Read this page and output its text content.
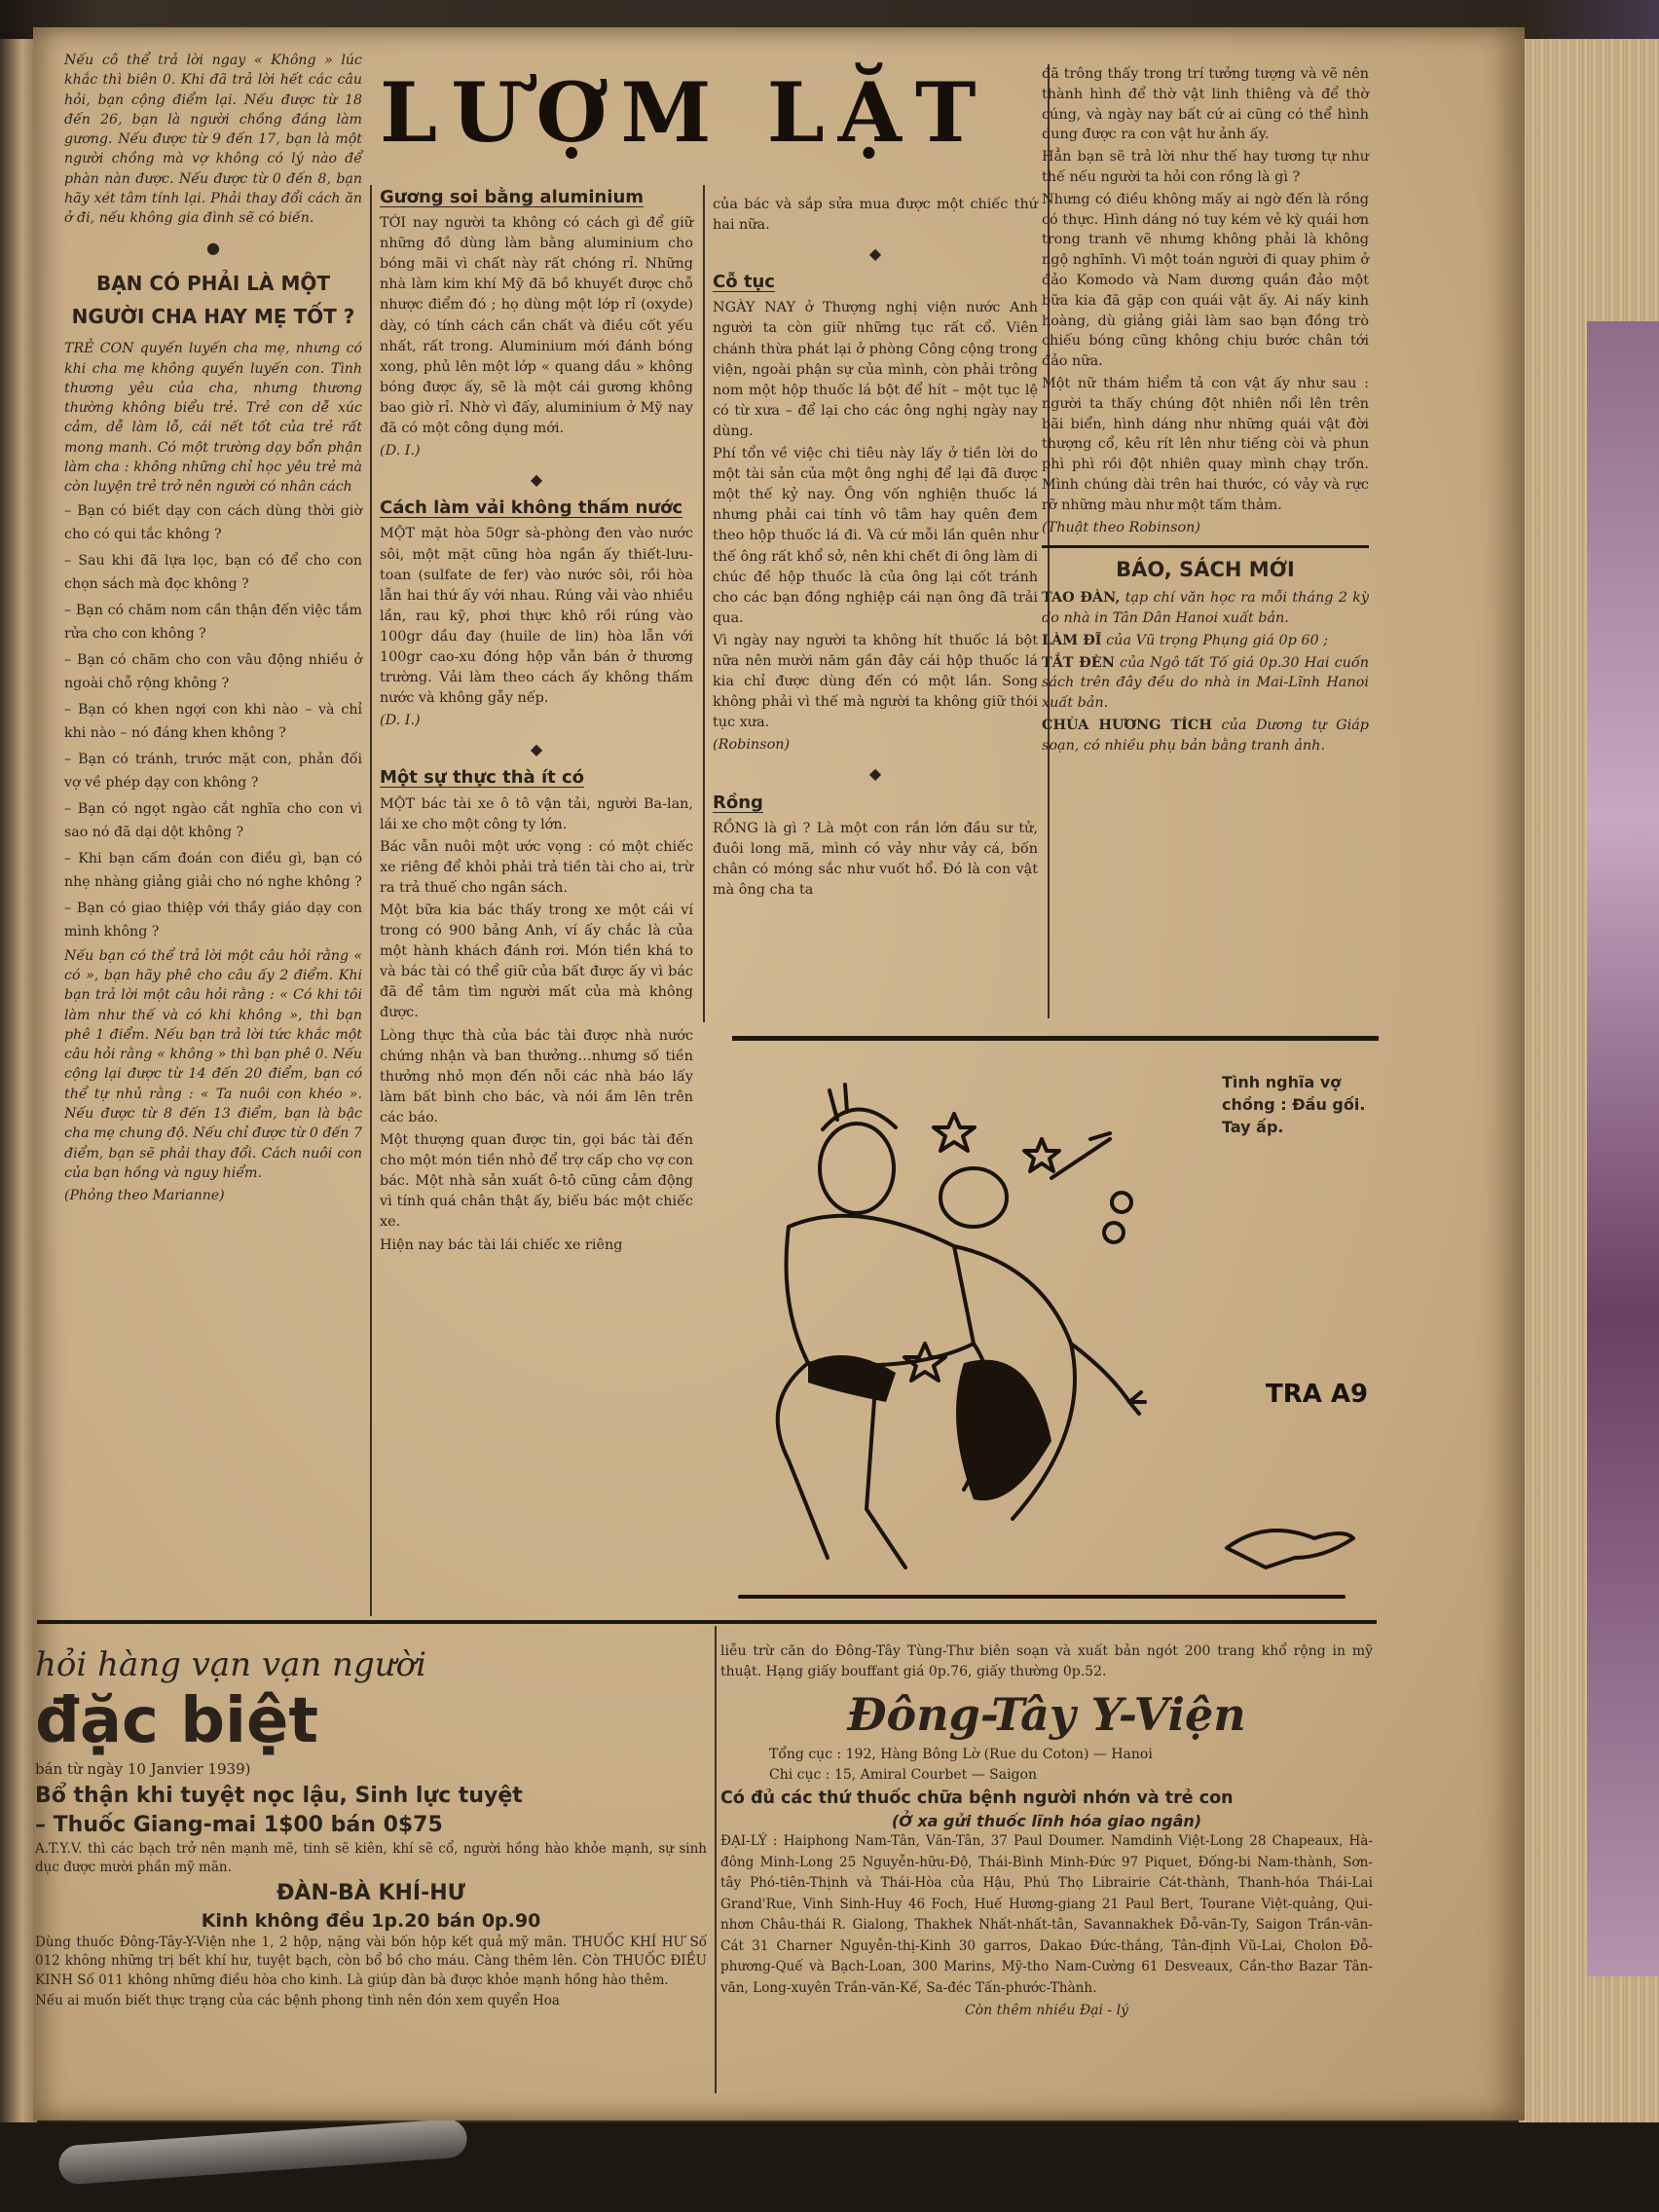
LƯỢM LẶT

Nếu cô thể trả lời ngay « Không » lúc khắc thì biên 0. Khi đã trả lời hết các câu hỏi, bạn cộng điểm lại. Nếu được từ 18 đến 26, bạn là người chồng đáng làm gương. Nếu được từ 9 đến 17, bạn là một người chồng mà vợ không có lý nào để phàn nàn được. Nếu được từ 0 đến 8, bạn hãy xét tâm tính lại. Phải thay đổi cách ăn ở đi, nếu không gia đình sẽ có biến.

●
BẠN CÓ PHẢI LÀ MỘT NGƯỜI CHA HAY MẸ TỐT ?

TRẺ CON quyến luyến cha mẹ, nhưng có khi cha mẹ không quyến luyến con. Tình thương yêu của cha, nhưng thương thường không biểu trẻ. Trẻ con dễ xúc cảm, dễ làm lỗ, cái nết tốt của trẻ rất mong manh. Có một trường dạy bổn phận làm cha : không những chỉ học yêu trẻ mà còn luyện trẻ trở nên người có nhân cách

– Bạn có biết dạy con cách dùng thời giờ cho có qui tắc không ?

– Sau khi đã lựa lọc, bạn có để cho con chọn sách mà đọc không ?

– Bạn có chăm nom cần thận đến việc tắm rửa cho con không ?

– Bạn có chăm cho con vâu động nhiều ở ngoài chỗ rộng không ?

– Bạn có khen ngợi con khi nào – và chỉ khi nào – nó đáng khen không ?

– Bạn có tránh, trước mặt con, phản đối vợ về phép dạy con không ?

– Bạn có ngọt ngào cắt nghĩa cho con vì sao nó đã dại dột không ?

– Khi bạn cấm đoán con điều gì, bạn có nhẹ nhàng giảng giải cho nó nghe không ?

– Bạn có giao thiệp với thầy giáo dạy con mình không ?

Nếu bạn có thể trả lời một câu hỏi rằng « có », bạn hãy phê cho câu ấy 2 điểm. Khi bạn trả lời một câu hỏi rằng : « Có khi tôi làm như thế và có khi không », thì bạn phê 1 điểm. Nếu bạn trả lời tức khắc một câu hỏi rằng « không » thì bạn phê 0. Nếu cộng lại được từ 14 đến 20 điểm, bạn có thể tự nhủ rằng : « Ta nuôi con khéo ». Nếu được từ 8 đến 13 điểm, bạn là bậc cha mẹ chung độ. Nếu chỉ được từ 0 đến 7 điểm, bạn sẽ phải thay đổi. Cách nuôi con của bạn hồng và nguy hiểm.

(Phỏng theo Marianne)

Gương soi bằng aluminium

TỚI nay người ta không có cách gì để giữ những đồ dùng làm bằng aluminium cho bóng mãi vì chất này rất chóng rỉ. Những nhà làm kim khí Mỹ đã bồ khuyết được chỗ nhược điểm đó ; họ dùng một lớp rỉ (oxyde) dày, có tính cách cần chất và điều cốt yếu nhất, rất trong. Aluminium mới đánh bóng xong, phủ lên một lớp « quang dầu » không bóng được ấy, sẽ là một cái gương không bao giờ rỉ. Nhờ vì đấy, aluminium ở Mỹ nay đã có một công dụng mới.

(D. I.)

◆
Cách làm vải không thấm nước

MỘT mặt hòa 50gr sà-phòng đen vào nước sôi, một mặt cũng hòa ngần ấy thiết-lưu-toan (sulfate de fer) vào nước sôi, rồi hòa lẫn hai thứ ấy với nhau. Rúng vải vào nhiều lần, rau kỹ, phơi thực khô rồi rúng vào 100gr dầu đay (huile de lin) hòa lẫn với 100gr cao-xu đóng hộp vẫn bán ở thương trường. Vải làm theo cách ấy không thấm nước và không gẫy nếp.

(D. I.)

◆
Một sự thực thà ít có

MỘT bác tài xe ô tô vận tải, người Ba-lan, lái xe cho một công ty lớn.

Bác vẫn nuôi một ước vọng : có một chiếc xe riêng để khỏi phải trả tiền tài cho ai, trừ ra trả thuế cho ngân sách.

Một bữa kia bác thấy trong xe một cái ví trong có 900 bảng Anh, ví ấy chắc là của một hành khách đánh rơi. Món tiền khá to và bác tài có thể giữ của bất được ấy vì bác đã để tâm tìm người mất của mà không được.

Lòng thực thà của bác tài được nhà nước chứng nhận và ban thưởng…nhưng số tiền thưởng nhỏ mọn đến nỗi các nhà báo lấy làm bất bình cho bác, và nói ầm lên trên các báo.

Một thượng quan được tin, gọi bác tài đến cho một món tiền nhỏ để trợ cấp cho vợ con bác. Một nhà sản xuất ô-tô cũng cảm động vì tính quá chân thật ấy, biếu bác một chiếc xe.

Hiện nay bác tài lái chiếc xe riêng

của bác và sắp sửa mua được một chiếc thứ hai nữa.

◆
Cỗ tục

NGÀY NAY ở Thượng nghị viện nước Anh người ta còn giữ những tục rất cổ. Viên chánh thừa phát lại ở phòng Công cộng trong viện, ngoài phận sự của mình, còn phải trông nom một hộp thuốc lá bột để hít – một tục lệ có từ xưa – để lại cho các ông nghị ngày nay dùng.

Phí tổn về việc chi tiêu này lấy ở tiền lời do một tài sản của một ông nghị để lại đã được một thế kỷ nay. Ông vốn nghiện thuốc lá nhưng phải cai tính vô tâm hay quên đem theo hộp thuốc lá đi. Và cứ mỗi lần quên như thế ông rất khổ sở, nên khi chết đi ông làm di chúc đề hộp thuốc là của ông lại cốt tránh cho các bạn đồng nghiệp cái nạn ông đã trải qua.

Vì ngày nay người ta không hít thuốc lá bột nữa nên mười năm gần đây cái hộp thuốc lá kia chỉ được dùng đến có một lần. Song không phải vì thế mà người ta không giữ thói tục xưa.

(Robinson)

◆
Rồng

RỒNG là gì ? Là một con rắn lớn đầu sư tử, đuôi long mã, mình có vảy như vảy cá, bốn chân có móng sắc như vuốt hổ. Đó là con vật mà ông cha ta

đã trông thấy trong trí tưởng tượng và vẽ nên thành hình để thờ vật linh thiêng và để thờ cúng, và ngày nay bất cứ ai cũng có thể hình dung được ra con vật hư ảnh ấy.

Hẳn bạn sẽ trả lời như thế hay tương tự như thế nếu người ta hỏi con rồng là gì ?

Nhưng có điều không mấy ai ngờ đến là rồng có thực. Hình dáng nó tuy kém vẻ kỳ quái hơn trong tranh vẽ nhưng không phải là không ngộ nghĩnh. Vì một toán người đi quay phim ở đảo Komodo và Nam dương quần đảo một bữa kia đã gặp con quái vật ấy. Ai nấy kinh hoàng, dù giảng giải làm sao bạn đồng trò chiếu bóng cũng không chịu bước chân tới đảo nữa.

Một nữ thám hiểm tả con vật ấy như sau : người ta thấy chúng đột nhiên nổi lên trên bãi biển, hình dáng như những quái vật đời thượng cổ, kêu rít lên như tiếng còi và phun phì phì rồi đột nhiên quay mình chạy trốn. Mình chúng dài trên hai thước, có vảy và rực rỡ những màu như một tấm thảm.

(Thuật theo Robinson)

BÁO, SÁCH MỚI

TAO ĐÀN, tạp chí văn học ra mỗi tháng 2 kỳ do nhà in Tân Dân Hanoi xuất bản.

LÀM ĐĨ của Vũ trọng Phụng giá 0p 60 ;

TẮT ĐÈN của Ngô tất Tố giá 0p.30 Hai cuốn sách trên đây đều do nhà in Mai-Lĩnh Hanoi xuất bản.

CHÙA HƯƠNG TÍCH của Dương tự Giáp soạn, có nhiều phụ bản bằng tranh ảnh.

TRA A9
Tình nghĩa vợ chồng : Đầu gối. Tay ấp.
hỏi hàng vạn vạn người
đặc biệt
bán từ ngày 10 Janvier 1939)
Bổ thận khi tuyệt nọc lậu, Sinh lực tuyệt
– Thuốc Giang-mai 1$00 bán 0$75

A.T.Y.V. thì các bạch trở nên mạnh mẽ, tinh sẽ kiên, khí sẽ cổ, người hồng hào khỏe mạnh, sự sinh dục được mười phần mỹ mãn.

ĐÀN-BÀ KHÍ-HƯ
Kinh không đều 1p.20 bán 0p.90

Dùng thuốc Đông-Tây-Y-Viện nhe 1, 2 hộp, nặng vài bốn hộp kết quả mỹ mãn. THUỐC KHÍ HƯ Số 012 không những trị bết khí hư, tuyệt bạch, còn bổ bồ cho máu. Càng thêm lên. Còn THUỐC ĐIỀU KINH Số 011 không những điều hòa cho kinh. Là giúp đàn bà được khỏe mạnh hồng hào thêm.

Nếu ai muốn biết thực trạng của các bệnh phong tình nên đón xem quyển Hoa

liễu trừ căn do Đông-Tây Tùng-Thư biên soạn và xuất bản ngót 200 trang khổ rộng in mỹ thuật. Hạng giấy bouffant giá 0p.76, giấy thường 0p.52.

Đông-Tây Y-Viện
Tổng cục : 192, Hàng Bông Lờ (Rue du Coton) — Hanoi
Chi cục : 15, Amiral Courbet — Saigon
Có đủ các thứ thuốc chữa bệnh người nhớn và trẻ con
(Ở xa gửi thuốc lĩnh hóa giao ngân)

ĐẠI-LÝ : Haiphong Nam-Tân, Văn-Tân, 37 Paul Doumer. Namdinh Việt-Long 28 Chapeaux, Hà-đông Minh-Long 25 Nguyễn-hữu-Độ, Thái-Bình Minh-Đức 97 Piquet, Đống-bi Nam-thành, Sơn-tây Phó-tiên-Thịnh và Thái-Hòa của Hậu, Phú Thọ Librairie Cát-thành, Thanh-hóa Thái-Lai Grand'Rue, Vinh Sinh-Huy 46 Foch, Huế Hương-giang 21 Paul Bert, Tourane Việt-quảng, Qui-nhơn Châu-thái R. Gialong, Thakhek Nhất-nhất-tân, Savannakhek Đỗ-văn-Ty, Saigon Trần-văn-Cát 31 Charner Nguyễn-thị-Kinh 30 garros, Dakao Đức-thắng, Tân-định Vũ-Lai, Cholon Đỗ-phương-Quế và Bạch-Loan, 300 Marins, Mỹ-tho Nam-Cường 61 Desveaux, Cần-thơ Bazar Tân-văn, Long-xuyên Trần-văn-Kế, Sa-đéc Tấn-phước-Thành.

Còn thêm nhiều Đại - lý
